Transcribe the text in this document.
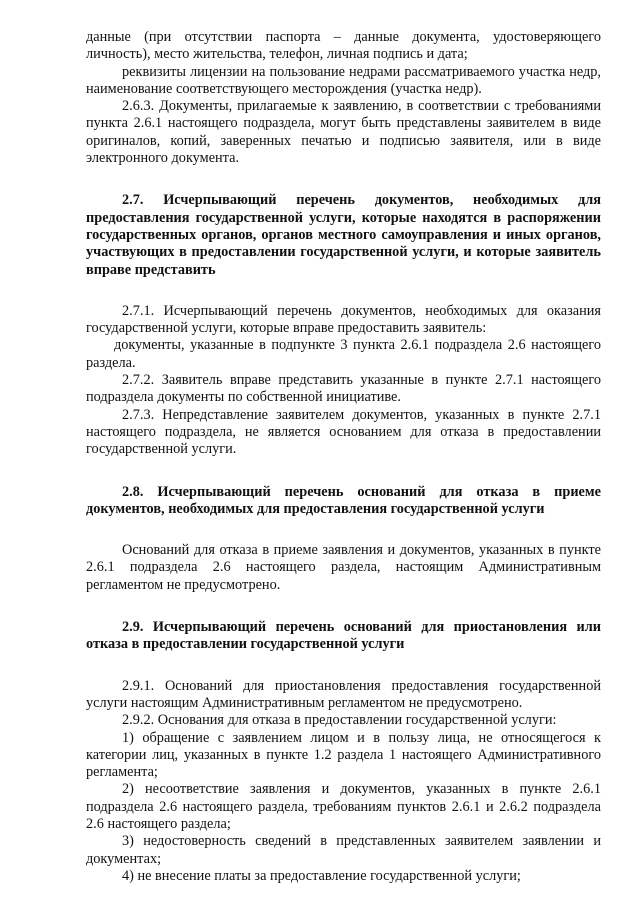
данные (при отсутствии паспорта – данные документа, удостоверяющего личность), место жительства, телефон, личная подпись и дата;

реквизиты лицензии на пользование недрами рассматриваемого участка недр, наименование соответствующего месторождения (участка недр).

2.6.3. Документы, прилагаемые к заявлению, в соответствии с требованиями пункта 2.6.1 настоящего подраздела, могут быть представлены заявителем в виде оригиналов, копий, заверенных печатью и подписью заявителя, или в виде электронного документа.

2.7. Исчерпывающий перечень документов, необходимых для предоставления государственной услуги, которые находятся в распоряжении государственных органов, органов местного самоуправления и иных органов, участвующих в предоставлении государственной услуги, и которые заявитель вправе представить

2.7.1. Исчерпывающий перечень документов, необходимых для оказания государственной услуги, которые вправе предоставить заявитель:

документы, указанные в подпункте 3 пункта 2.6.1 подраздела 2.6 настоящего раздела.

2.7.2. Заявитель вправе представить указанные в пункте 2.7.1 настоящего подраздела документы по собственной инициативе.

2.7.3. Непредставление заявителем документов, указанных в пункте 2.7.1 настоящего подраздела, не является основанием для отказа в предоставлении государственной услуги.

2.8. Исчерпывающий перечень оснований для отказа в приеме документов, необходимых для предоставления государственной услуги

Оснований для отказа в приеме заявления и документов, указанных в пункте 2.6.1 подраздела 2.6 настоящего раздела, настоящим Административным регламентом не предусмотрено.

2.9. Исчерпывающий перечень оснований для приостановления или отказа в предоставлении государственной услуги

2.9.1. Оснований для приостановления предоставления государственной услуги настоящим Административным регламентом не предусмотрено.

2.9.2. Основания для отказа в предоставлении государственной услуги:

1) обращение с заявлением лицом и в пользу лица, не относящегося к категории лиц, указанных в пункте 1.2 раздела 1 настоящего Административного регламента;

2) несоответствие заявления и документов, указанных в пункте 2.6.1 подраздела 2.6 настоящего раздела, требованиям пунктов 2.6.1 и 2.6.2 подраздела 2.6 настоящего раздела;

3) недостоверность сведений в представленных заявителем заявлении и документах;

4) не внесение платы за предоставление государственной услуги;
